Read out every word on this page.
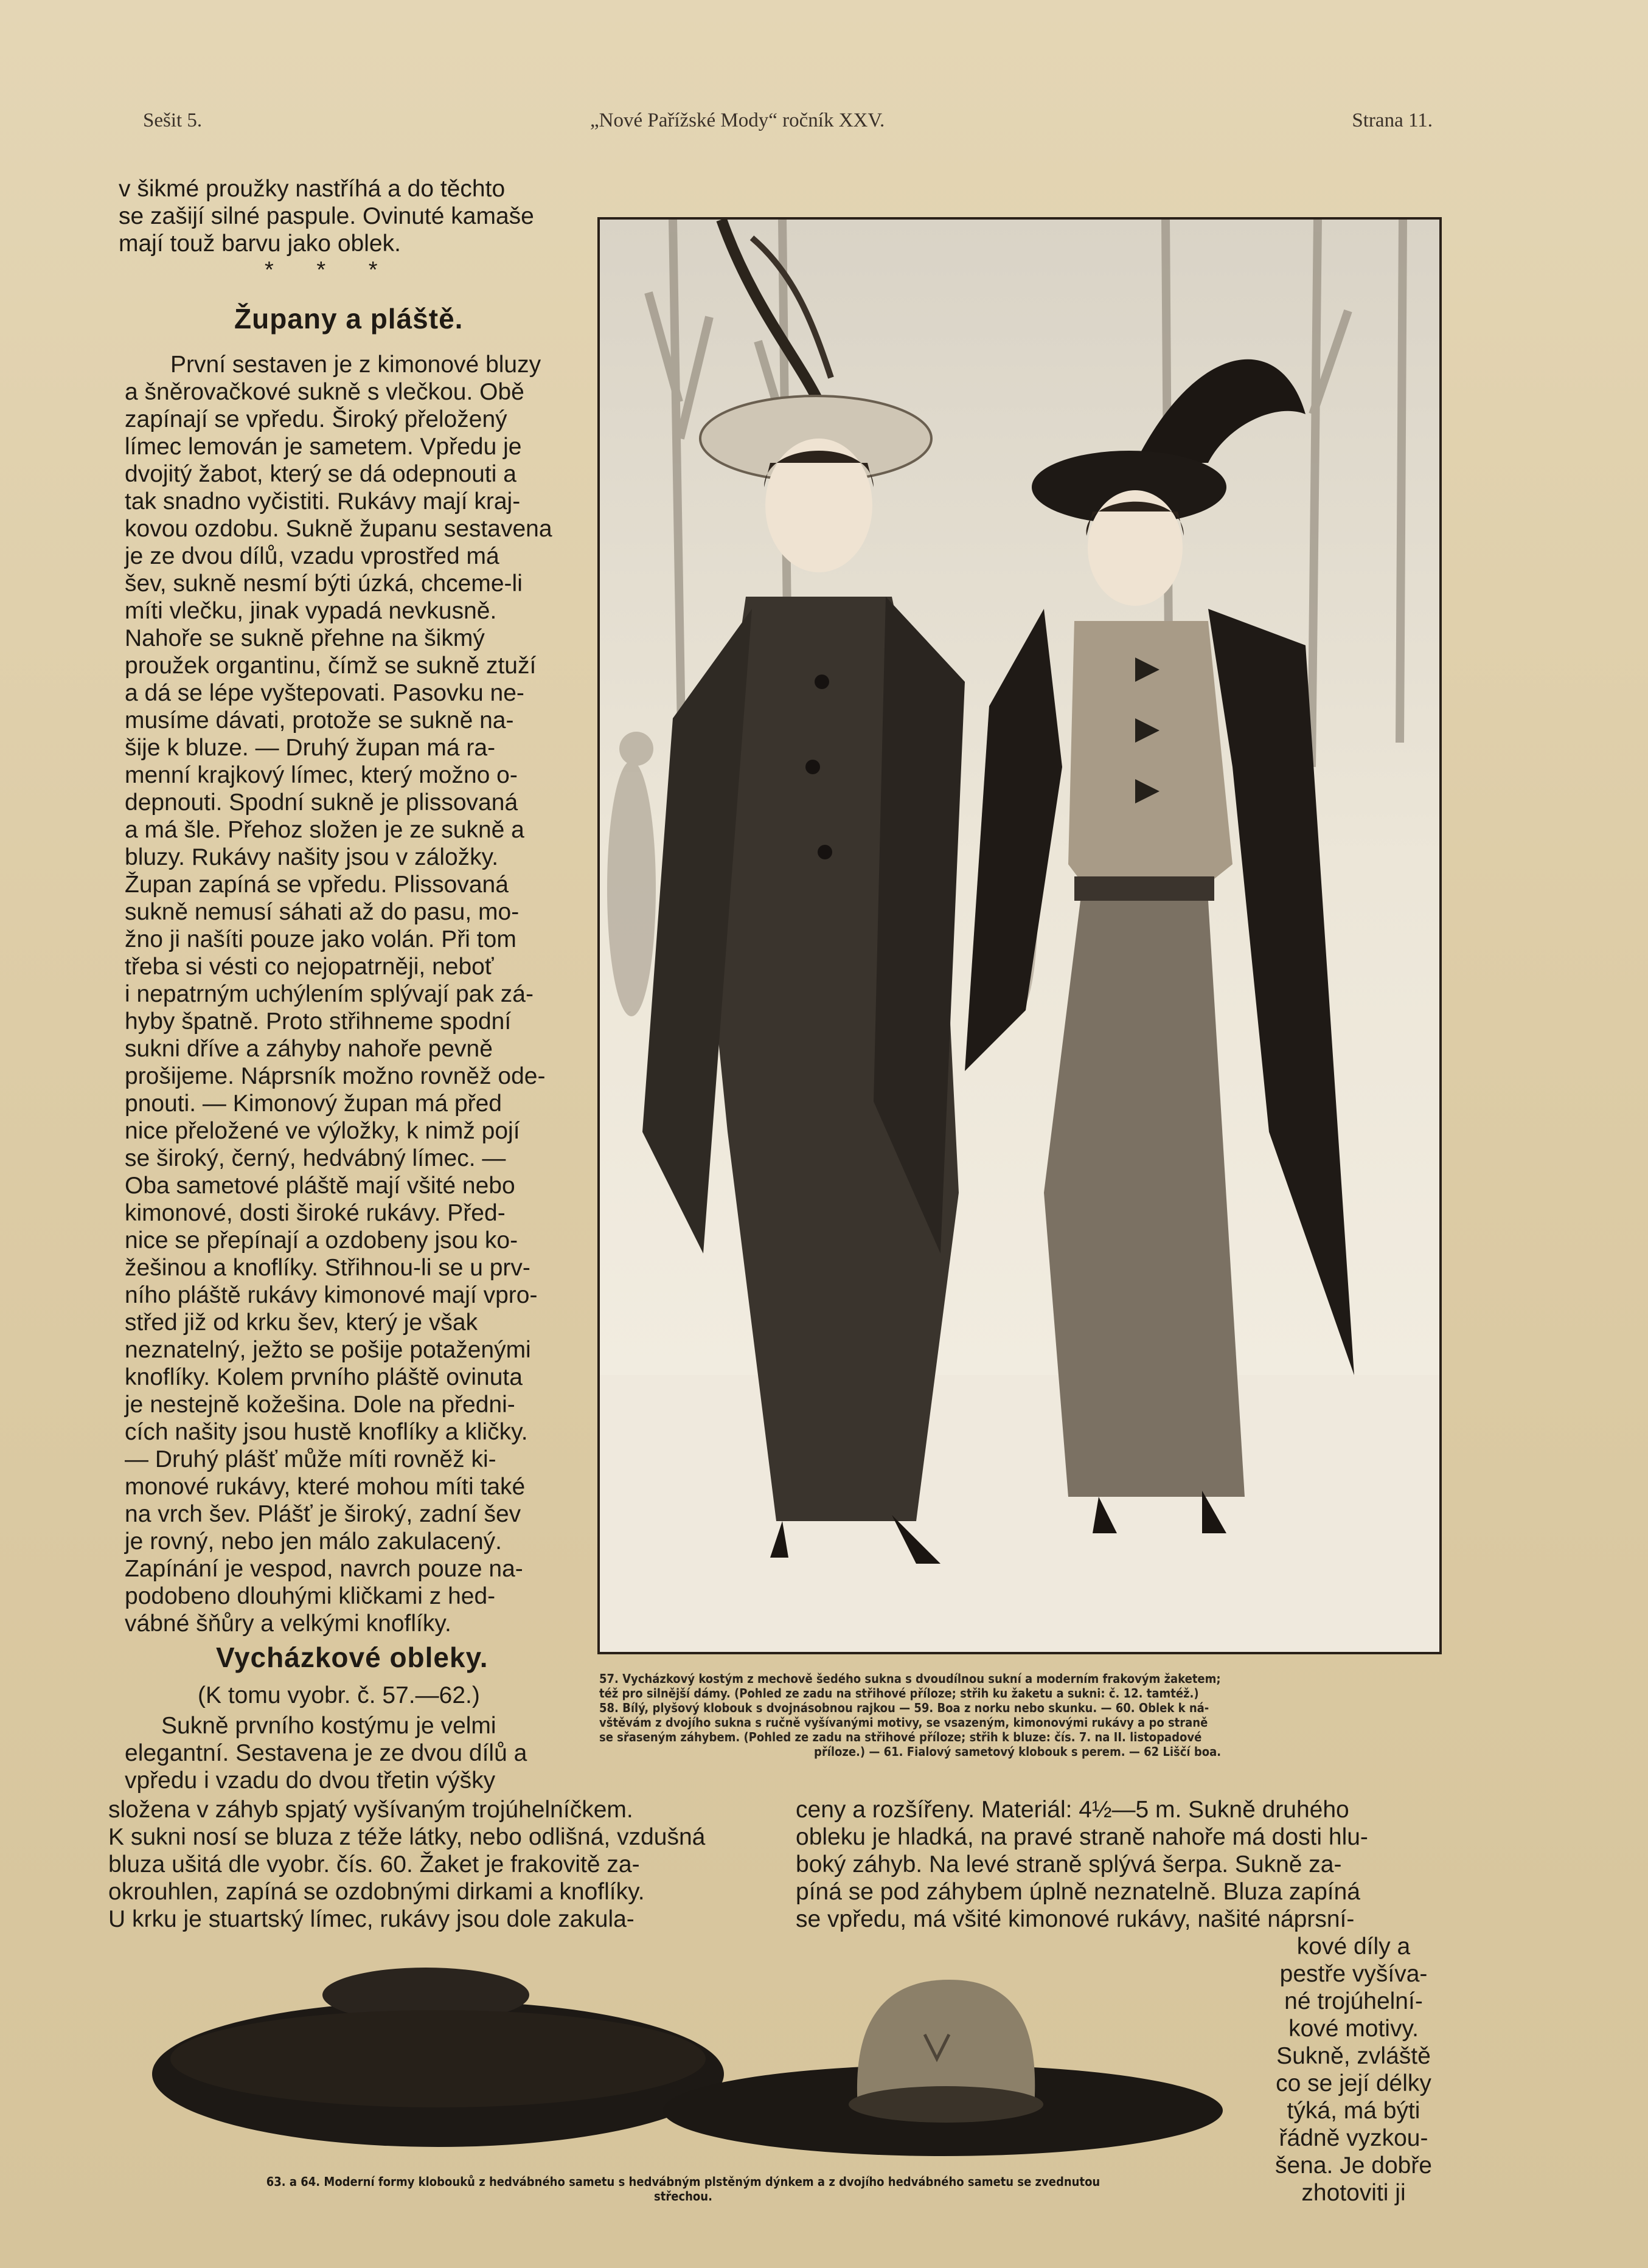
Sešit 5.	„Nové Pařížské Mody“ ročník XXV.	Strana 11.

v šikmé proužky nastříhá a do těchto

se zašijí silné paspule. Ovinuté kamaše

mají touž barvu jako oblek.

* * *
Župany a pláště.

První sestaven je z kimonové bluzy

a šněrovačkové sukně s vlečkou. Obě

zapínají se vpředu. Široký přeložený

límec lemován je sametem. Vpředu je

dvojitý žabot, který se dá odepnouti a

tak snadno vyčistiti. Rukávy mají kraj-

kovou ozdobu. Sukně županu sestavena

je ze dvou dílů, vzadu vprostřed má

šev, sukně nesmí býti úzká, chceme-li

míti vlečku, jinak vypadá nevkusně.

Nahoře se sukně přehne na šikmý

proužek organtinu, čímž se sukně ztuží

a dá se lépe vyštepovati. Pasovku ne-

musíme dávati, protože se sukně na-

šije k bluze. — Druhý župan má ra-

menní krajkový límec, který možno o-

depnouti. Spodní sukně je plissovaná

a má šle. Přehoz složen je ze sukně a

bluzy. Rukávy našity jsou v záložky.

Župan zapíná se vpředu. Plissovaná

sukně nemusí sáhati až do pasu, mo-

žno ji našíti pouze jako volán. Při tom

třeba si vésti co nejopatrněji, neboť

i nepatrným uchýlením splývají pak zá-

hyby špatně. Proto střihneme spodní

sukni dříve a záhyby nahoře pevně

prošijeme. Náprsník možno rovněž ode-

pnouti. — Kimonový župan má před

nice přeložené ve výložky, k nimž pojí

se široký, černý, hedvábný límec. —

Oba sametové pláště mají všité nebo

kimonové, dosti široké rukávy. Před-

nice se přepínají a ozdobeny jsou ko-

žešinou a knoflíky. Střihnou-li se u prv-

ního pláště rukávy kimonové mají vpro-

střed již od krku šev, který je však

neznatelný, ježto se pošije potaženými

knoflíky. Kolem prvního pláště ovinuta

je nestejně kožešina. Dole na předni-

cích našity jsou hustě knoflíky a kličky.

— Druhý plášť může míti rovněž ki-

monové rukávy, které mohou míti také

na vrch šev. Plášť je široký, zadní šev

je rovný, nebo jen málo zakulacený.

Zapínání je vespod, navrch pouze na-

podobeno dlouhými kličkami z hed-

vábné šňůry a velkými knoflíky.

Vycházkové obleky.
(K tomu vyobr. č. 57.—62.)

Sukně prvního kostýmu je velmi

elegantní. Sestavena je ze dvou dílů a

vpředu i vzadu do dvou třetin výšky

složena v záhyb spjatý vyšívaným trojúhelníčkem.

K sukni nosí se bluza z téže látky, nebo odlišná, vzdušná

bluza ušitá dle vyobr. čís. 60. Žaket je frakovitě za-

okrouhlen, zapíná se ozdobnými dirkami a knoflíky.

U krku je stuartský límec, rukávy jsou dole zakula-

57. Vycházkový kostým z mechově šedého sukna s dvoudílnou sukní a moderním frakovým žaketem;
též pro silnější dámy. (Pohled ze zadu na střihové příloze; střih ku žaketu a sukni: č. 12. tamtéž.)
58. Bílý, plyšový klobouk s dvojnásobnou rajkou — 59. Boa z norku nebo skunku. — 60. Oblek k ná-
vštěvám z dvojího sukna s ručně vyšívanými motivy, se vsazeným, kimonovými rukávy a po straně
se sřaseným záhybem. (Pohled ze zadu na střihové příloze; střih k bluze: čís. 7. na II. listopadové
příloze.) — 61. Fialový sametový klobouk s perem. — 62 Liščí boa.

ceny a rozšířeny. Materiál: 4½—5 m. Sukně druhého

obleku je hladká, na pravé straně nahoře má dosti hlu-

boký záhyb. Na levé straně splývá šerpa. Sukně za-

píná se pod záhybem úplně neznatelně. Bluza zapíná

se vpředu, má všité kimonové rukávy, našité náprsní-

kové díly a
pestře vyšíva-
né trojúhelní-
kové motivy.
Sukně, zvláště
co se její délky
týká, má býti
řádně vyzkou-
šena. Je dobře
zhotoviti ji
63. a 64. Moderní formy klobouků z hedvábného sametu s hedvábným plstěným dýnkem a z dvojího hedvábného sametu se zvednutou
střechou.
